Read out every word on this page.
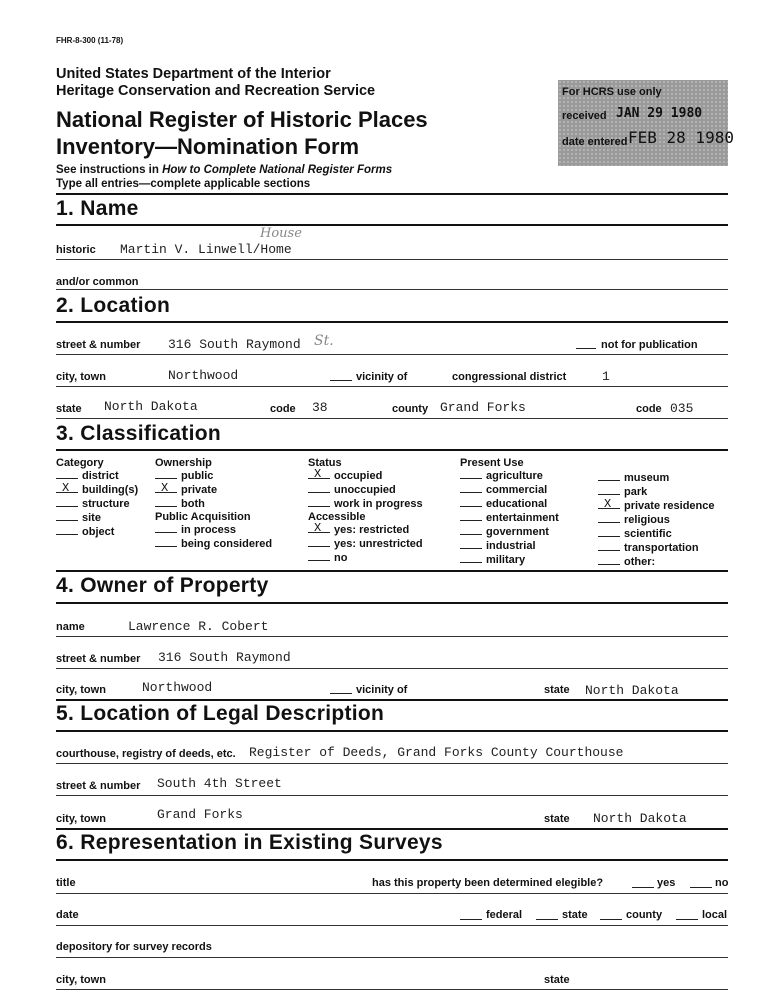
FHR-8-300 (11-78)
United States Department of the Interior
Heritage Conservation and Recreation Service
National Register of Historic Places
Inventory—Nomination Form
See instructions in How to Complete National Register Forms
Type all entries—complete applicable sections
For HCRS use only
received JAN 29 1980
date entered FEB 28 1980
1. Name
historic Martin V. Linwell/Home
House
and/or common
2. Location
street & number 316 South Raymond St.	not for publication
city, town	Northwood	vicinity of	congressional district	1
state North Dakota	code 38	county Grand Forks	code 035
3. Classification
Category
district
X building(s)
structure
site
object
Ownership
public
X private
both
Public Acquisition
in process
being considered
Status
X occupied
unoccupied
work in progress
Accessible
X yes: restricted
yes: unrestricted
no
Present Use
agriculture
commercial
educational
entertainment
government
industrial
military
museum
park
X private residence
religious
scientific
transportation
other:
4. Owner of Property
name	Lawrence R. Cobert
street & number 316 South Raymond
city, town	Northwood	vicinity of	state North Dakota
5. Location of Legal Description
courthouse, registry of deeds, etc. Register of Deeds, Grand Forks County Courthouse
street & number South 4th Street
city, town	Grand Forks	state North Dakota
6. Representation in Existing Surveys
title	has this property been determined elegible?	yes	no
date	federal	state	county	local
depository for survey records
city, town	state
